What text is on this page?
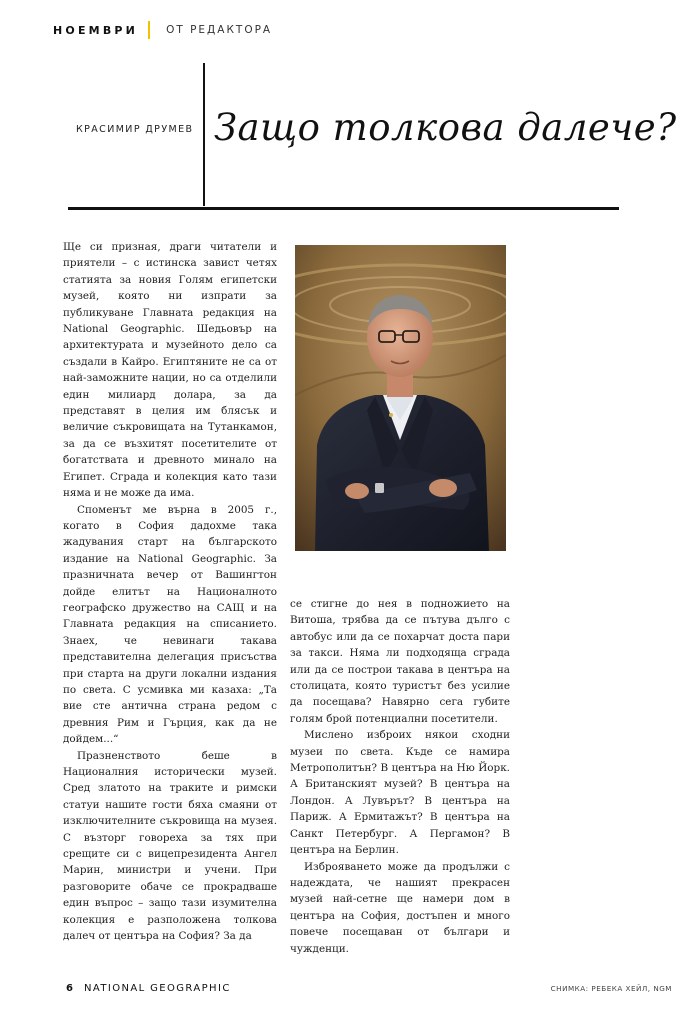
НОЕМВРИ	ОТ РЕДАКТОРА
КРАСИМИР ДРУМЕВ Защо толкова далече?

Ще си призная, драги читатели и приятели – с истинска завист четях статията за новия Голям египетски музей, която ни изпрати за публикуване Главната редакция на National Geographic. Шедьовър на архитектурата и музейното дело са създали в Кайро. Египтяните не са от най-заможните нации, но са отделили един милиард долара, за да представят в целия им блясък и величие съкровищата на Тутанкамон, за да се възхитят посетителите от богатствата и древното минало на Египет. Сграда и колекция като тази няма и не може да има.

Споменът ме върна в 2005 г., когато в София дадохме така жадувания старт на българското издание на National Geographic. За празничната вечер от Вашингтон дойде елитът на Националното географско дружество на САЩ и на Главната редакция на списанието. Знаех, че невинаги такава представителна делегация присъства при старта на други локални издания по света. С усмивка ми казаха: „Та вие сте антична страна редом с древния Рим и Гърция, как да не дойдем...“

Празненството беше в Националния исторически музей. Сред златото на траките и римски статуи нашите гости бяха смаяни от изключителните съкровища на музея. С възторг говореха за тях при срещите си с вицепрезидента Ангел Марин, министри и учени. При разговорите обаче се прокрадваше един въпрос – защо тази изумителна колекция е разположена толкова далеч от центъра на София? За да

се стигне до нея в подножието на Витоша, трябва да се пътува дълго с автобус или да се похарчат доста пари за такси. Няма ли подходяща сграда или да се построи такава в центъра на столицата, която туристът без усилие да посещава? Навярно сега губите голям брой потенциални посетители.

Мислено изброих някои сходни музеи по света. Къде се намира Метрополитън? В центъра на Ню Йорк. А Британският музей? В центъра на Лондон. А Лувърът? В центъра на Париж. А Ермитажът? В центъра на Санкт Петербург. А Пергамон? В центъра на Берлин.

Изброяването може да продължи с надеждата, че нашият прекрасен музей най-сетне ще намери дом в центъра на София, достъпен и много повече посещаван от българи и чужденци.

6 NATIONAL GEOGRAPHIC	СНИМКА: РЕБЕКА ХЕЙЛ, NGM
